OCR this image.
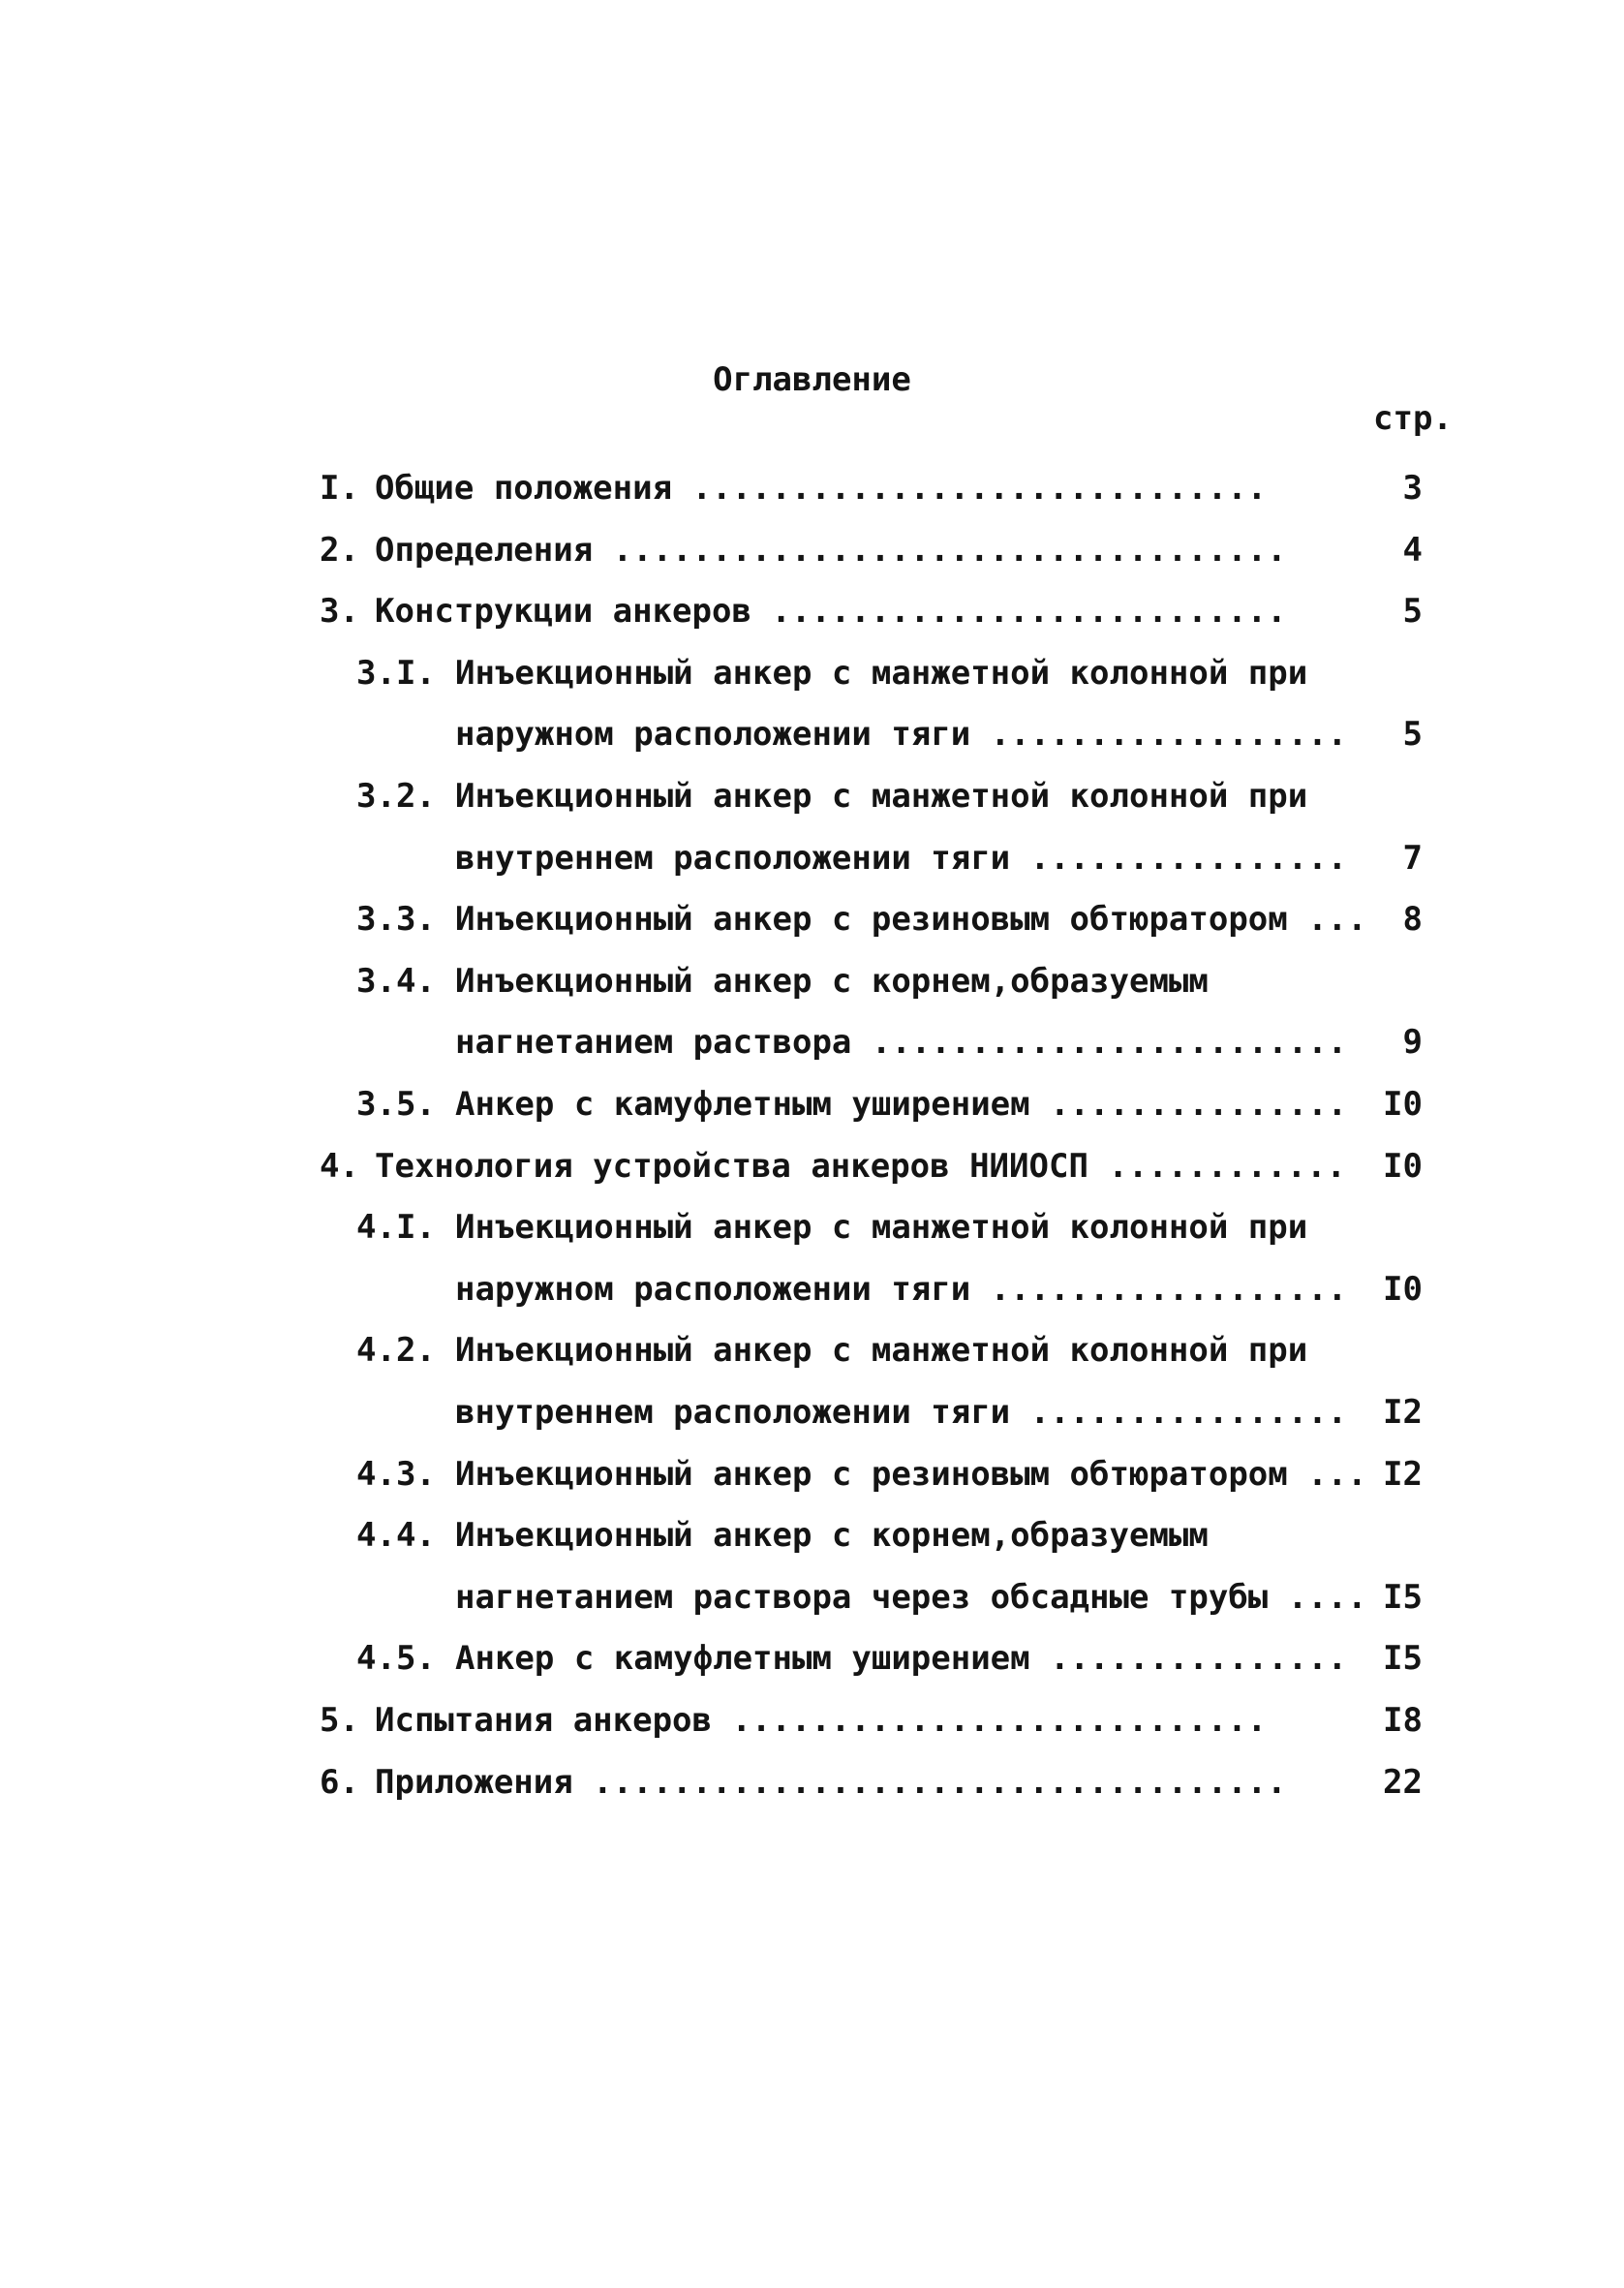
Оглавление
стр.
I. Общие положения .............................	3
2. Определения ..................................	4
3. Конструкции анкеров ..........................	5
3.I. Инъекционный анкер с манжетной колонной при
наружном расположении тяги .................. 5
3.2. Инъекционный анкер с манжетной колонной при
внутреннем расположении тяги ................ 7
3.3. Инъекционный анкер с резиновым обтюратором ... 8
3.4. Инъекционный анкер с корнем,образуемым
нагнетанием раствора ........................ 9
3.5. Анкер с камуфлетным уширением ............... I0
4. Технология устройства анкеров НИИОСП ............ I0
4.I. Инъекционный анкер с манжетной колонной при
наружном расположении тяги .................. I0
4.2. Инъекционный анкер с манжетной колонной при
внутреннем расположении тяги ................ I2
4.3. Инъекционный анкер с резиновым обтюратором ... I2
4.4. Инъекционный анкер с корнем,образуемым
нагнетанием раствора через обсадные трубы .... I5
4.5. Анкер с камуфлетным уширением ............... I5
5. Испытания анкеров ...........................	I8
6. Приложения ...................................	22
